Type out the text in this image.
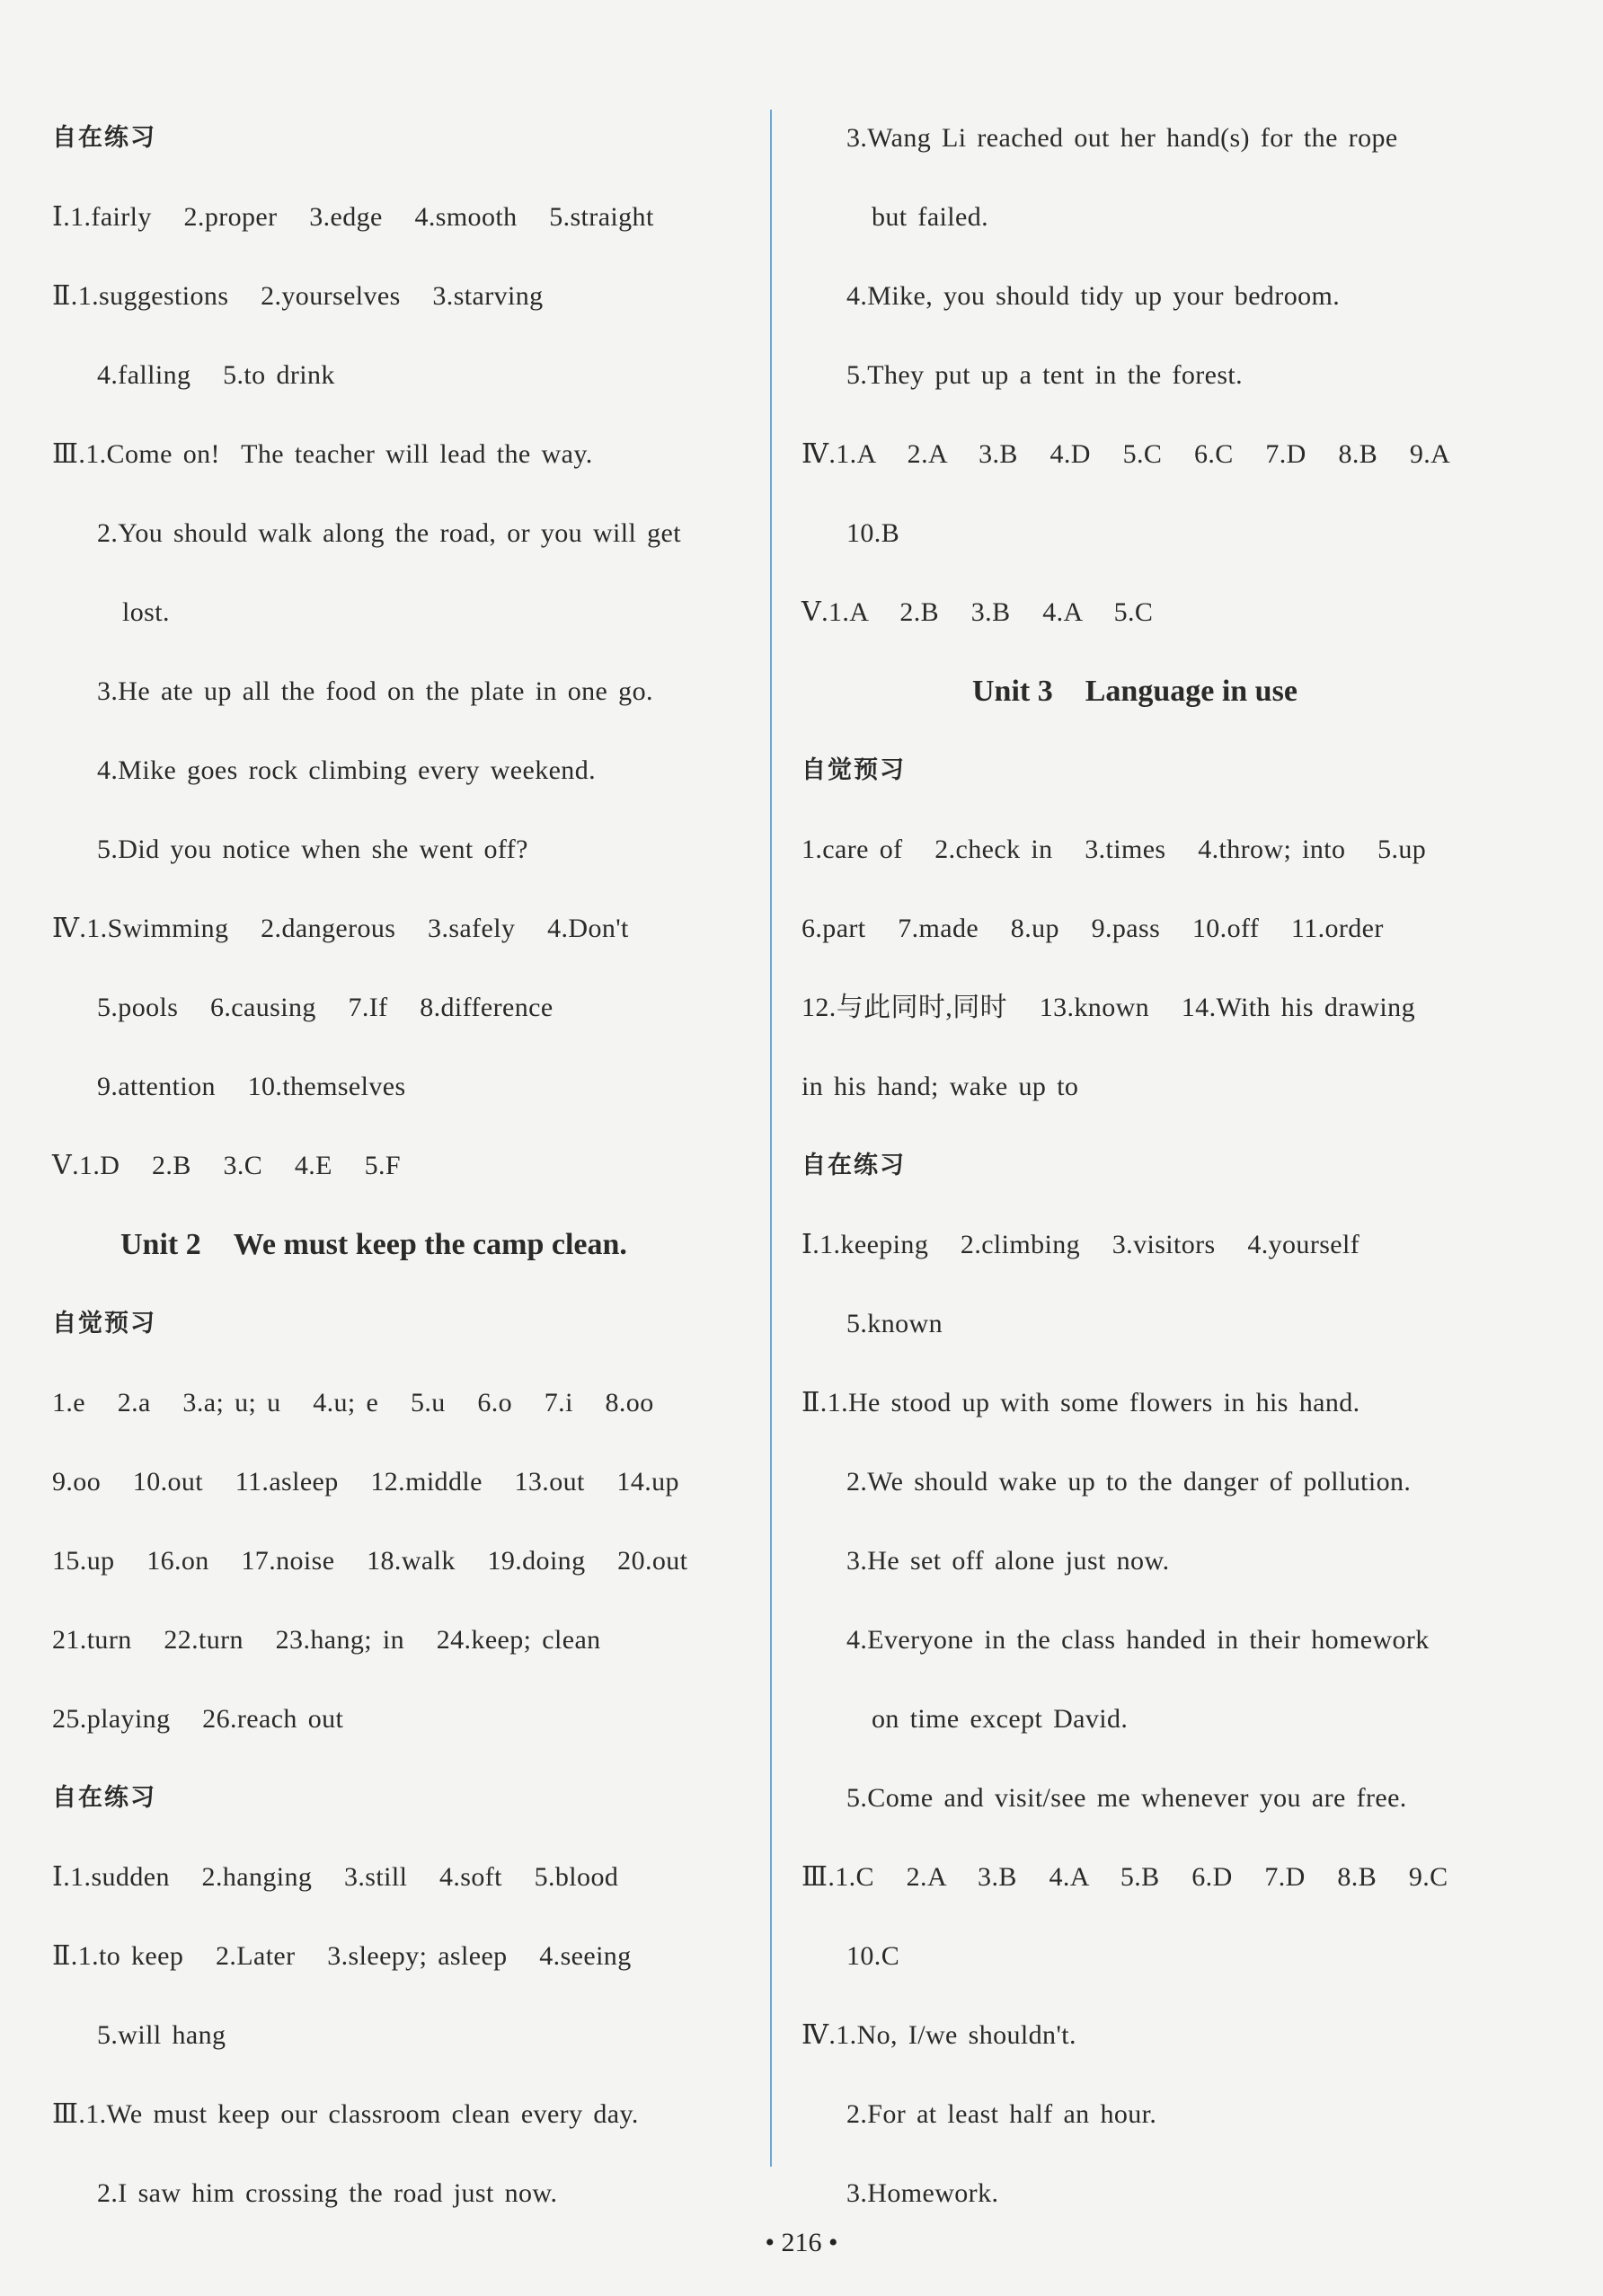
自在练习
Ⅰ.1.fairly   2.proper   3.edge   4.smooth   5.straight
Ⅱ.1.suggestions   2.yourselves   3.starving
4.falling   5.to drink
Ⅲ.1.Come on!  The teacher will lead the way.
2.You should walk along the road, or you will get
lost.
3.He ate up all the food on the plate in one go.
4.Mike goes rock climbing every weekend.
5.Did you notice when she went off?
Ⅳ.1.Swimming   2.dangerous   3.safely   4.Don't
5.pools   6.causing   7.If   8.difference
9.attention   10.themselves
Ⅴ.1.D   2.B   3.C   4.E   5.F
Unit 2 We must keep the camp clean.
自觉预习
1.e   2.a   3.a; u; u   4.u; e   5.u   6.o   7.i   8.oo
9.oo   10.out   11.asleep   12.middle   13.out   14.up
15.up   16.on   17.noise   18.walk   19.doing   20.out
21.turn   22.turn   23.hang; in   24.keep; clean
25.playing   26.reach out
自在练习
Ⅰ.1.sudden   2.hanging   3.still   4.soft   5.blood
Ⅱ.1.to keep   2.Later   3.sleepy; asleep   4.seeing
5.will hang
Ⅲ.1.We must keep our classroom clean every day.
2.I saw him crossing the road just now.
3.Wang Li reached out her hand(s) for the rope
but failed.
4.Mike, you should tidy up your bedroom.
5.They put up a tent in the forest.
Ⅳ.1.A   2.A   3.B   4.D   5.C   6.C   7.D   8.B   9.A
10.B
Ⅴ.1.A   2.B   3.B   4.A   5.C
Unit 3 Language in use
自觉预习
1.care of   2.check in   3.times   4.throw; into   5.up
6.part   7.made   8.up   9.pass   10.off   11.order
12.与此同时,同时   13.known   14.With his drawing
in his hand; wake up to
自在练习
Ⅰ.1.keeping   2.climbing   3.visitors   4.yourself
5.known
Ⅱ.1.He stood up with some flowers in his hand.
2.We should wake up to the danger of pollution.
3.He set off alone just now.
4.Everyone in the class handed in their homework
on time except David.
5.Come and visit/see me whenever you are free.
Ⅲ.1.C   2.A   3.B   4.A   5.B   6.D   7.D   8.B   9.C
10.C
Ⅳ.1.No, I/we shouldn't.
2.For at least half an hour.
3.Homework.
• 216 •
